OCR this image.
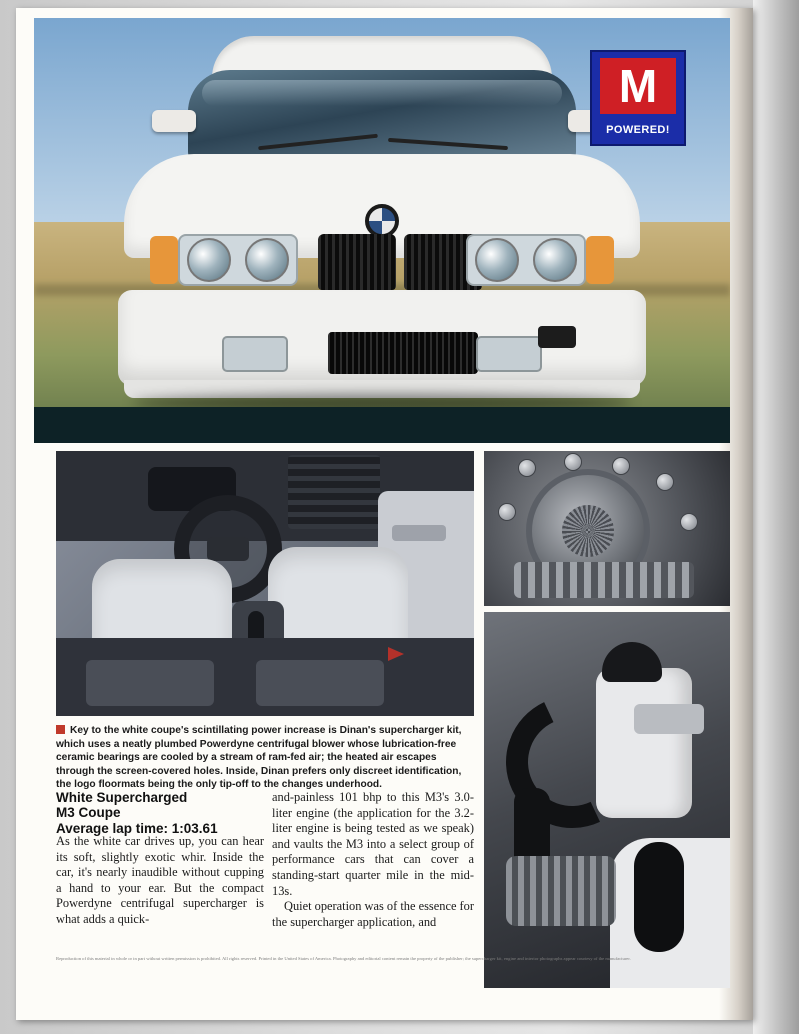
M
POWERED!
Key to the white coupe's scintillating power increase is Dinan's supercharger kit, which uses a neatly plumbed Powerdyne centrifugal blower whose lubrication-free ceramic bearings are cooled by a stream of ram-fed air; the heated air escapes through the screen-covered holes. Inside, Dinan prefers only discreet identification, the logo floormats being the only tip-off to the changes underhood.
White Supercharged
M3 Coupe
Average lap time: 1:03.61

As the white car drives up, you can hear its soft, slightly exotic whir. Inside the car, it's nearly inaudible without cupping a hand to your ear. But the compact Powerdyne centrifugal supercharger is what adds a quick-

and-painless 101 bhp to this M3's 3.0-liter engine (the application for the 3.2-liter engine is being tested as we speak) and vaults the M3 into a select group of performance cars that can cover a standing-start quarter mile in the mid-13s.

Quiet operation was of the essence for the supercharger application, and

Reproduction of this material in whole or in part without written permission is prohibited. All rights reserved. Printed in the United States of America. Photography and editorial content remain the property of the publisher; the supercharger kit, engine and interior photographs appear courtesy of the manufacturer.
